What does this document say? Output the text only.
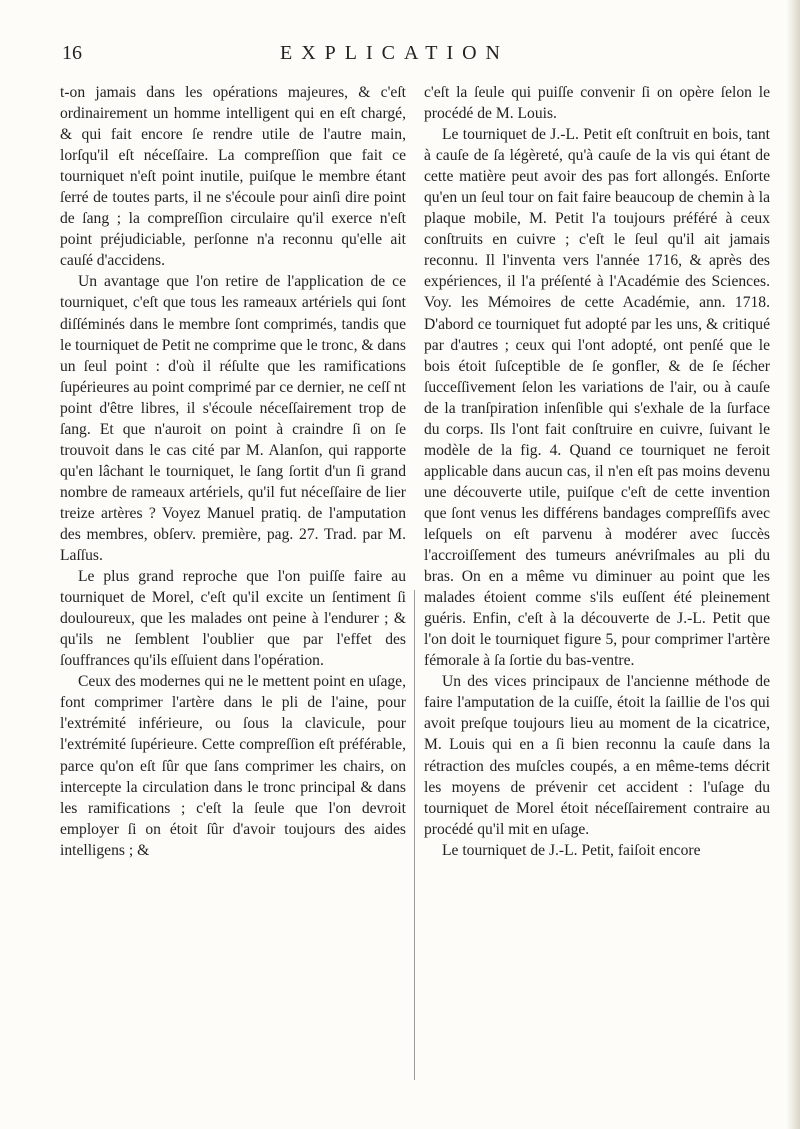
16	EXPLICATION

t-on jamais dans les opérations majeures, & c'eſt ordinairement un homme intelligent qui en eſt chargé, & qui fait encore ſe rendre utile de l'autre main, lorſqu'il eſt néceſſaire. La compreſſion que fait ce tourniquet n'eſt point inutile, puiſque le membre étant ſerré de toutes parts, il ne s'écoule pour ainſi dire point de ſang ; la compreſſion circulaire qu'il exerce n'eſt point préjudiciable, perſonne n'a reconnu qu'elle ait cauſé d'accidens.

Un avantage que l'on retire de l'application de ce tourniquet, c'eſt que tous les rameaux artériels qui ſont diſſéminés dans le membre ſont comprimés, tandis que le tourniquet de Petit ne comprime que le tronc, & dans un ſeul point : d'où il réſulte que les ramifications ſupérieures au point comprimé par ce dernier, ne ceſſ nt point d'être libres, il s'écoule néceſſairement trop de ſang. Et que n'auroit on point à craindre ſi on ſe trouvoit dans le cas cité par M. Alanſon, qui rapporte qu'en lâchant le tourniquet, le ſang ſortit d'un ſi grand nombre de rameaux artériels, qu'il fut néceſſaire de lier treize artères ? Voyez Manuel pratiq. de l'amputation des membres, obſerv. première, pag. 27. Trad. par M. Laſſus.

Le plus grand reproche que l'on puiſſe faire au tourniquet de Morel, c'eſt qu'il excite un ſentiment ſi douloureux, que les malades ont peine à l'endurer ; & qu'ils ne ſemblent l'oublier que par l'effet des ſouffrances qu'ils eſſuient dans l'opération.

Ceux des modernes qui ne le mettent point en uſage, font comprimer l'artère dans le pli de l'aine, pour l'extrémité inférieure, ou ſous la clavicule, pour l'extrémité ſupérieure. Cette compreſſion eſt préférable, parce qu'on eſt ſûr que ſans comprimer les chairs, on intercepte la circulation dans le tronc principal & dans les ramifications ; c'eſt la ſeule que l'on devroit employer ſi on étoit ſûr d'avoir toujours des aides intelligens ; &

c'eſt la ſeule qui puiſſe convenir ſi on opère ſelon le procédé de M. Louis.

Le tourniquet de J.-L. Petit eſt conſtruit en bois, tant à cauſe de ſa légèreté, qu'à cauſe de la vis qui étant de cette matière peut avoir des pas fort allongés. Enſorte qu'en un ſeul tour on fait faire beaucoup de chemin à la plaque mobile, M. Petit l'a toujours préféré à ceux conſtruits en cuivre ; c'eſt le ſeul qu'il ait jamais reconnu. Il l'inventa vers l'année 1716, & après des expériences, il l'a préſenté à l'Académie des Sciences. Voy. les Mémoires de cette Académie, ann. 1718. D'abord ce tourniquet fut adopté par les uns, & critiqué par d'autres ; ceux qui l'ont adopté, ont penſé que le bois étoit ſuſceptible de ſe gonfler, & de ſe ſécher ſucceſſivement ſelon les variations de l'air, ou à cauſe de la tranſpiration inſenſible qui s'exhale de la ſurface du corps. Ils l'ont fait conſtruire en cuivre, ſuivant le modèle de la fig. 4. Quand ce tourniquet ne feroit applicable dans aucun cas, il n'en eſt pas moins devenu une découverte utile, puiſque c'eſt de cette invention que ſont venus les différens bandages compreſſifs avec leſquels on eſt parvenu à modérer avec ſuccès l'accroiſſement des tumeurs anévriſmales au pli du bras. On en a même vu diminuer au point que les malades étoient comme s'ils euſſent été pleinement guéris. Enfin, c'eſt à la découverte de J.-L. Petit que l'on doit le tourniquet figure 5, pour comprimer l'artère fémorale à ſa ſortie du bas-ventre.

Un des vices principaux de l'ancienne méthode de faire l'amputation de la cuiſſe, étoit la ſaillie de l'os qui avoit preſque toujours lieu au moment de la cicatrice, M. Louis qui en a ſi bien reconnu la cauſe dans la rétraction des muſcles coupés, a en même-tems décrit les moyens de prévenir cet accident : l'uſage du tourniquet de Morel étoit néceſſairement contraire au procédé qu'il mit en uſage.

Le tourniquet de J.-L. Petit, faiſoit encore
